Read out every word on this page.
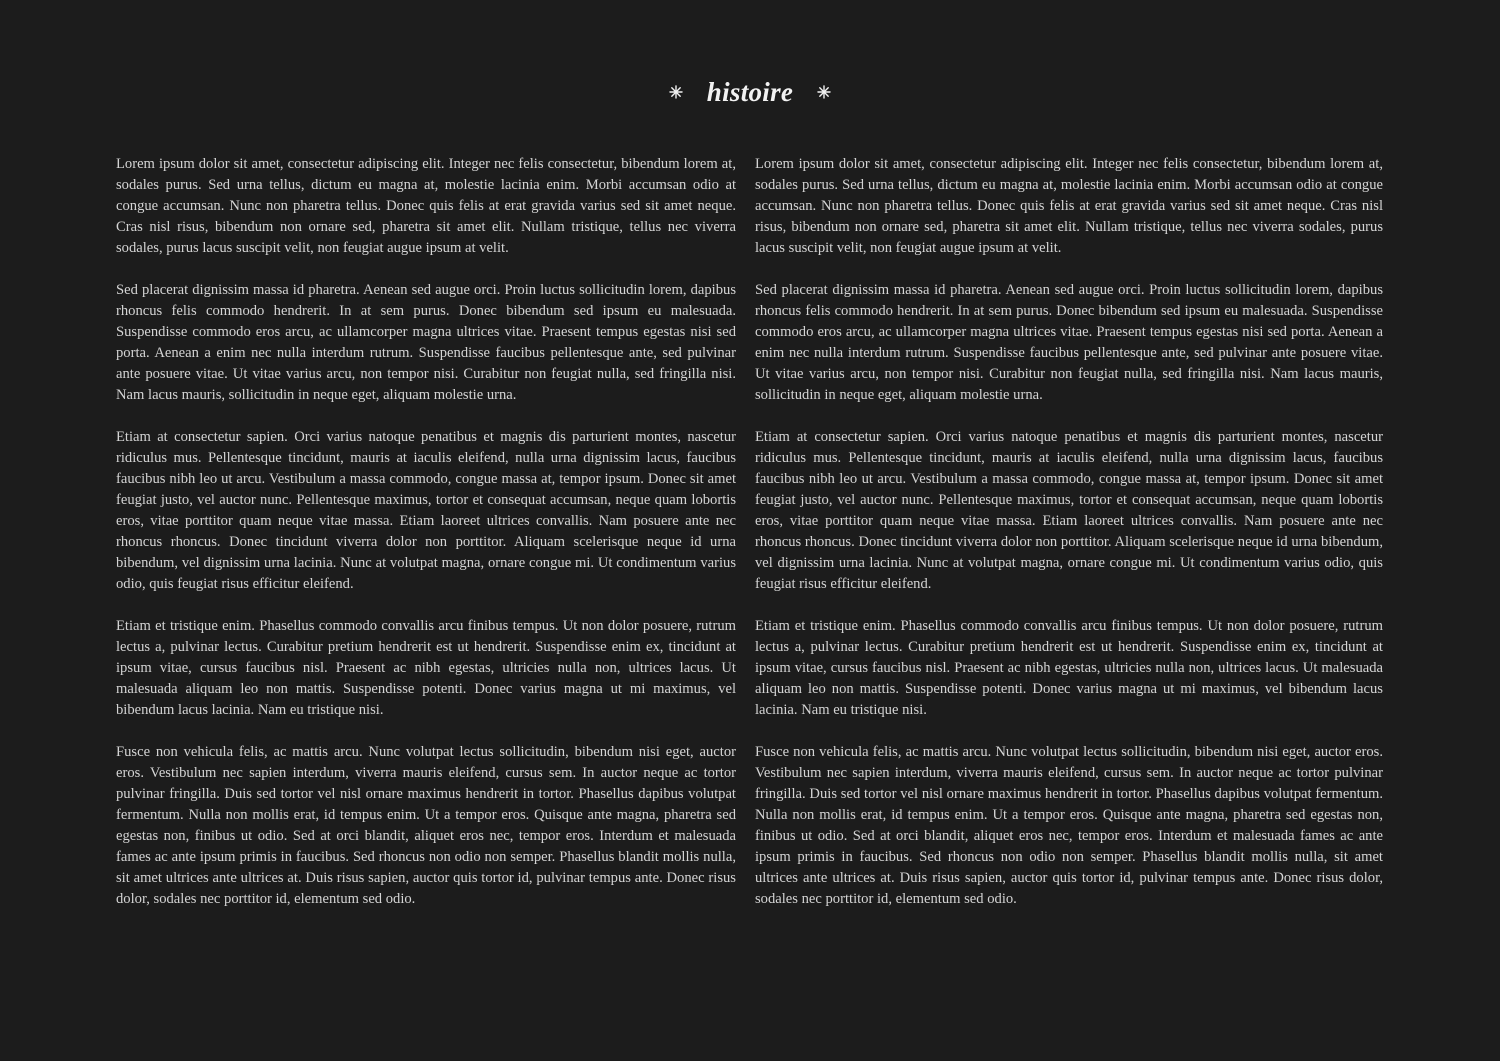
histoire

Lorem ipsum dolor sit amet, consectetur adipiscing elit. Integer nec felis consectetur, bibendum lorem at, sodales purus. Sed urna tellus, dictum eu magna at, molestie lacinia enim. Morbi accumsan odio at congue accumsan. Nunc non pharetra tellus. Donec quis felis at erat gravida varius sed sit amet neque. Cras nisl risus, bibendum non ornare sed, pharetra sit amet elit. Nullam tristique, tellus nec viverra sodales, purus lacus suscipit velit, non feugiat augue ipsum at velit.

Sed placerat dignissim massa id pharetra. Aenean sed augue orci. Proin luctus sollicitudin lorem, dapibus rhoncus felis commodo hendrerit. In at sem purus. Donec bibendum sed ipsum eu malesuada. Suspendisse commodo eros arcu, ac ullamcorper magna ultrices vitae. Praesent tempus egestas nisi sed porta. Aenean a enim nec nulla interdum rutrum. Suspendisse faucibus pellentesque ante, sed pulvinar ante posuere vitae. Ut vitae varius arcu, non tempor nisi. Curabitur non feugiat nulla, sed fringilla nisi. Nam lacus mauris, sollicitudin in neque eget, aliquam molestie urna.

Etiam at consectetur sapien. Orci varius natoque penatibus et magnis dis parturient montes, nascetur ridiculus mus. Pellentesque tincidunt, mauris at iaculis eleifend, nulla urna dignissim lacus, faucibus faucibus nibh leo ut arcu. Vestibulum a massa commodo, congue massa at, tempor ipsum. Donec sit amet feugiat justo, vel auctor nunc. Pellentesque maximus, tortor et consequat accumsan, neque quam lobortis eros, vitae porttitor quam neque vitae massa. Etiam laoreet ultrices convallis. Nam posuere ante nec rhoncus rhoncus. Donec tincidunt viverra dolor non porttitor. Aliquam scelerisque neque id urna bibendum, vel dignissim urna lacinia. Nunc at volutpat magna, ornare congue mi. Ut condimentum varius odio, quis feugiat risus efficitur eleifend.

Etiam et tristique enim. Phasellus commodo convallis arcu finibus tempus. Ut non dolor posuere, rutrum lectus a, pulvinar lectus. Curabitur pretium hendrerit est ut hendrerit. Suspendisse enim ex, tincidunt at ipsum vitae, cursus faucibus nisl. Praesent ac nibh egestas, ultricies nulla non, ultrices lacus. Ut malesuada aliquam leo non mattis. Suspendisse potenti. Donec varius magna ut mi maximus, vel bibendum lacus lacinia. Nam eu tristique nisi.

Fusce non vehicula felis, ac mattis arcu. Nunc volutpat lectus sollicitudin, bibendum nisi eget, auctor eros. Vestibulum nec sapien interdum, viverra mauris eleifend, cursus sem. In auctor neque ac tortor pulvinar fringilla. Duis sed tortor vel nisl ornare maximus hendrerit in tortor. Phasellus dapibus volutpat fermentum. Nulla non mollis erat, id tempus enim. Ut a tempor eros. Quisque ante magna, pharetra sed egestas non, finibus ut odio. Sed at orci blandit, aliquet eros nec, tempor eros. Interdum et malesuada fames ac ante ipsum primis in faucibus. Sed rhoncus non odio non semper. Phasellus blandit mollis nulla, sit amet ultrices ante ultrices at. Duis risus sapien, auctor quis tortor id, pulvinar tempus ante. Donec risus dolor, sodales nec porttitor id, elementum sed odio.

Lorem ipsum dolor sit amet, consectetur adipiscing elit. Integer nec felis consectetur, bibendum lorem at, sodales purus. Sed urna tellus, dictum eu magna at, molestie lacinia enim. Morbi accumsan odio at congue accumsan. Nunc non pharetra tellus. Donec quis felis at erat gravida varius sed sit amet neque. Cras nisl risus, bibendum non ornare sed, pharetra sit amet elit. Nullam tristique, tellus nec viverra sodales, purus lacus suscipit velit, non feugiat augue ipsum at velit.

Sed placerat dignissim massa id pharetra. Aenean sed augue orci. Proin luctus sollicitudin lorem, dapibus rhoncus felis commodo hendrerit. In at sem purus. Donec bibendum sed ipsum eu malesuada. Suspendisse commodo eros arcu, ac ullamcorper magna ultrices vitae. Praesent tempus egestas nisi sed porta. Aenean a enim nec nulla interdum rutrum. Suspendisse faucibus pellentesque ante, sed pulvinar ante posuere vitae. Ut vitae varius arcu, non tempor nisi. Curabitur non feugiat nulla, sed fringilla nisi. Nam lacus mauris, sollicitudin in neque eget, aliquam molestie urna.

Etiam at consectetur sapien. Orci varius natoque penatibus et magnis dis parturient montes, nascetur ridiculus mus. Pellentesque tincidunt, mauris at iaculis eleifend, nulla urna dignissim lacus, faucibus faucibus nibh leo ut arcu. Vestibulum a massa commodo, congue massa at, tempor ipsum. Donec sit amet feugiat justo, vel auctor nunc. Pellentesque maximus, tortor et consequat accumsan, neque quam lobortis eros, vitae porttitor quam neque vitae massa. Etiam laoreet ultrices convallis. Nam posuere ante nec rhoncus rhoncus. Donec tincidunt viverra dolor non porttitor. Aliquam scelerisque neque id urna bibendum, vel dignissim urna lacinia. Nunc at volutpat magna, ornare congue mi. Ut condimentum varius odio, quis feugiat risus efficitur eleifend.

Etiam et tristique enim. Phasellus commodo convallis arcu finibus tempus. Ut non dolor posuere, rutrum lectus a, pulvinar lectus. Curabitur pretium hendrerit est ut hendrerit. Suspendisse enim ex, tincidunt at ipsum vitae, cursus faucibus nisl. Praesent ac nibh egestas, ultricies nulla non, ultrices lacus. Ut malesuada aliquam leo non mattis. Suspendisse potenti. Donec varius magna ut mi maximus, vel bibendum lacus lacinia. Nam eu tristique nisi.

Fusce non vehicula felis, ac mattis arcu. Nunc volutpat lectus sollicitudin, bibendum nisi eget, auctor eros. Vestibulum nec sapien interdum, viverra mauris eleifend, cursus sem. In auctor neque ac tortor pulvinar fringilla. Duis sed tortor vel nisl ornare maximus hendrerit in tortor. Phasellus dapibus volutpat fermentum. Nulla non mollis erat, id tempus enim. Ut a tempor eros. Quisque ante magna, pharetra sed egestas non, finibus ut odio. Sed at orci blandit, aliquet eros nec, tempor eros. Interdum et malesuada fames ac ante ipsum primis in faucibus. Sed rhoncus non odio non semper. Phasellus blandit mollis nulla, sit amet ultrices ante ultrices at. Duis risus sapien, auctor quis tortor id, pulvinar tempus ante. Donec risus dolor, sodales nec porttitor id, elementum sed odio.
